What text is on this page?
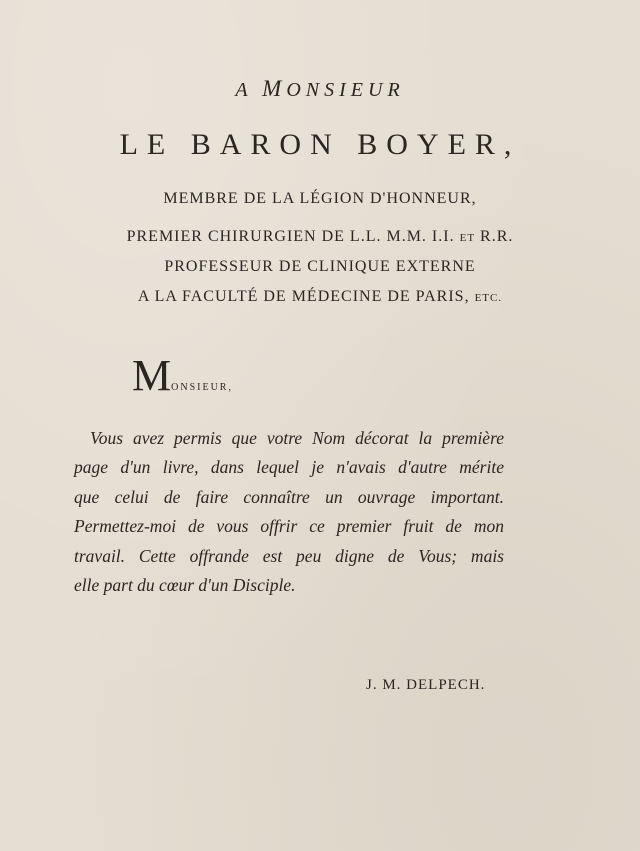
A MONSIEUR
LE BARON BOYER,
MEMBRE DE LA LÉGION D'HONNEUR,
PREMIER CHIRURGIEN DE L.L. M.M. I.I. ET R.R.
PROFESSEUR DE CLINIQUE EXTERNE
A LA FACULTÉ DE MÉDECINE DE PARIS, ETC.
MONSIEUR,
Vous avez permis que votre Nom décorat la première
page d'un livre, dans lequel je n'avais d'autre mérite
que celui de faire connaître un ouvrage important.
Permettez-moi de vous offrir ce premier fruit de mon
travail. Cette offrande est peu digne de Vous; mais
elle part du cœur d'un Disciple.
J. M. DELPECH.
